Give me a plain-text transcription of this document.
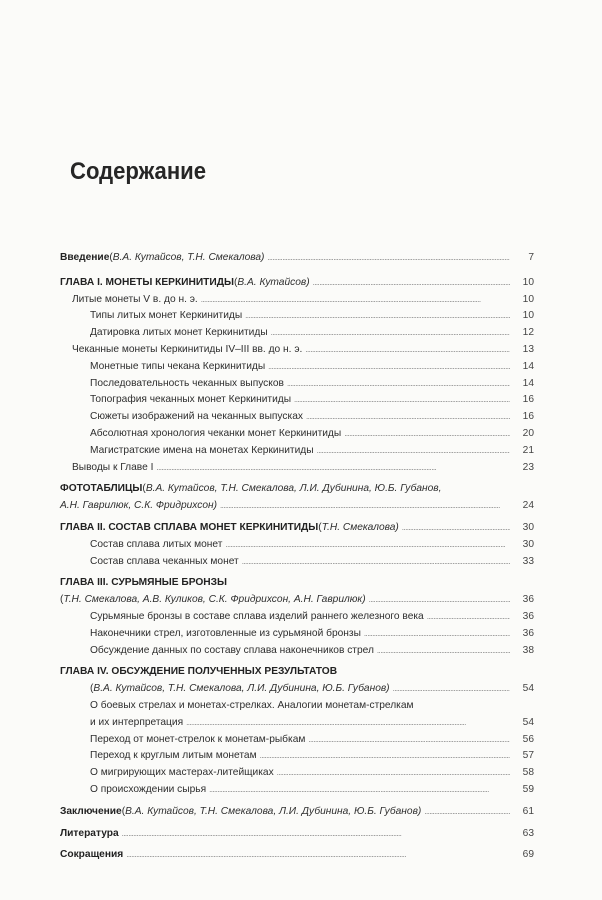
Содержание
Введение ( В.А. Кутайсов, Т.Н. Смекалова) . . .	7
ГЛАВА I. МОНЕТЫ КЕРКИНИТИДЫ ( В.А. Кутайсов) . . .	10
Литые монеты V в. до н. э. . . .	10
Типы литых монет Керкинитиды . . .	10
Датировка литых монет Керкинитиды . . .	12
Чеканные монеты Керкинитиды IV–III вв. до н. э. . . .	13
Монетные типы чекана Керкинитиды . . .	14
Последовательность чеканных выпусков . . .	14
Топография чеканных монет Керкинитиды . . .	16
Сюжеты изображений на чеканных выпусках . . .	16
Абсолютная хронология чеканки монет Керкинитиды . . .	20
Магистратские имена на монетах Керкинитиды . . .	21
Выводы к Главе I . . .	23
ФОТОТАБЛИЦЫ ( В.А. Кутайсов, Т.Н. Смекалова, Л.И. Дубинина, Ю.Б. Губанов,
А.Н. Гаврилюк, С.К. Фридрихсон) . . .	24
ГЛАВА II. СОСТАВ СПЛАВА МОНЕТ КЕРКИНИТИДЫ ( Т.Н. Смекалова) . . .	30
Состав сплава литых монет . . .	30
Состав сплава чеканных монет . . .	33
ГЛАВА III. СУРЬМЯНЫЕ БРОНЗЫ
( Т.Н. Смекалова, А.В. Куликов, С.К. Фридрихсон, А.Н. Гаврилюк) . . .	36
Сурьмяные бронзы в составе сплава изделий раннего железного века . . .	36
Наконечники стрел, изготовленные из сурьмяной бронзы . . .	36
Обсуждение данных по составу сплава наконечников стрел . . .	38
ГЛАВА IV. ОБСУЖДЕНИЕ ПОЛУЧЕННЫХ РЕЗУЛЬТАТОВ
( В.А. Кутайсов, Т.Н. Смекалова, Л.И. Дубинина, Ю.Б. Губанов) . . .	54
О боевых стрелах и монетах-стрелках. Аналогии монетам-стрелкам
и их интерпретация . . .	54
Переход от монет-стрелок к монетам-рыбкам . . .	56
Переход к круглым литым монетам . . .	57
О мигрирующих мастерах-литейщиках . . .	58
О происхождении сырья . . .	59
Заключение ( В.А. Кутайсов, Т.Н. Смекалова, Л.И. Дубинина, Ю.Б. Губанов) . . .	61
Литература . . .	63
Сокращения . . .	69
